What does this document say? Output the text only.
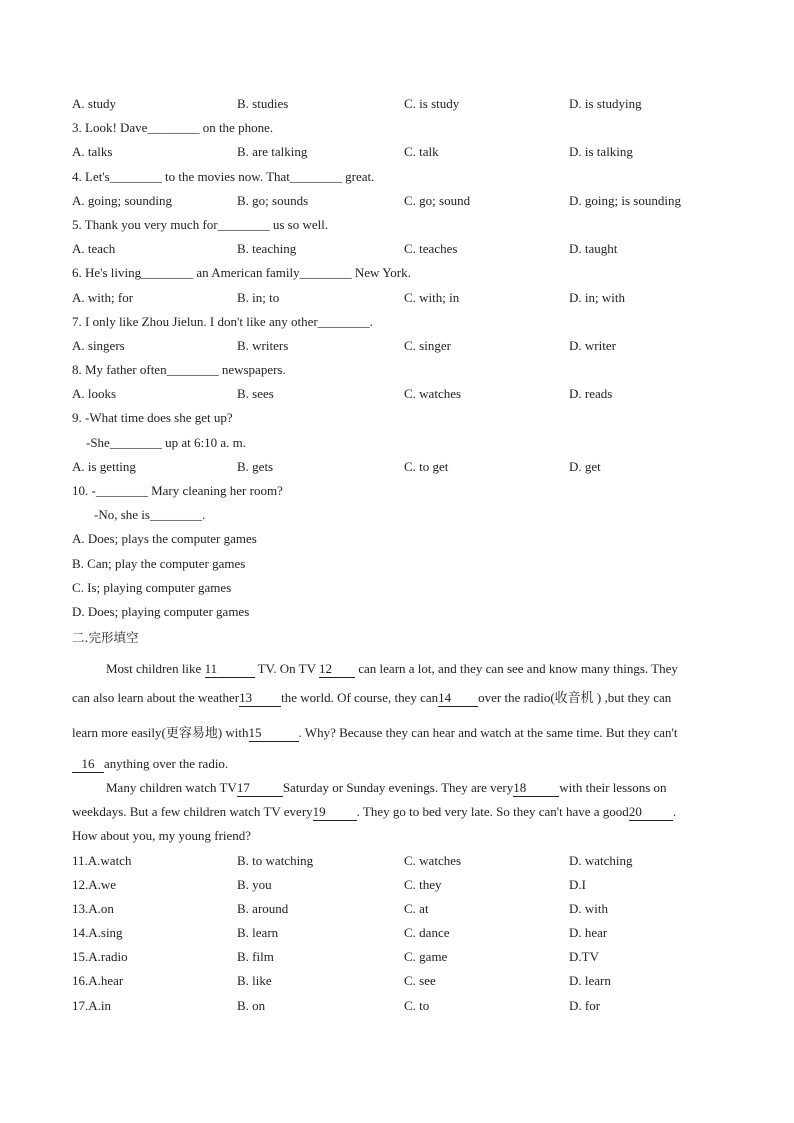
A. study	B. studies	C. is study	D. is studying
3. Look! Dave________ on the phone.
A. talks	B. are talking	C. talk	D. is talking
4. Let's________ to the movies now. That________ great.
A. going; sounding	B. go; sounds	C. go; sound	D. going; is sounding
5. Thank you very much for________ us so well.
A. teach	B. teaching	C. teaches	D. taught
6. He's living________ an American family________ New York.
A. with; for	B. in; to	C. with; in	D. in; with
7. I only like Zhou Jielun. I don't like any other________.
A. singers	B. writers	C. singer	D. writer
8. My father often________ newspapers.
A. looks	B. sees	C. watches	D. reads
9. -What time does she get up?
-She________ up at 6:10 a. m.
A. is getting	B. gets	C. to get	D. get
10. -________ Mary cleaning her room?
-No, she is________.
A. Does; plays the computer games
B. Can; play the computer games
C. Is; playing computer games
D. Does; playing computer games
二.完形填空
Most children like 11	TV. On TV 12 can learn a lot, and they can see and know many things. They
can also learn about the weather13 the world. Of course, they can14 over the radio(收音机 ) ,but they can
learn more easily(更容易地) with15	. Why? Because they can hear and watch at the same time. But they can't
16 anything over the radio.
Many children watch TV17	Saturday or Sunday evenings. They are very18	with their lessons on
weekdays. But a few children watch TV every19 . They go to bed very late. So they can't have a good20 .
How about you, my young friend?
11.A.watch	B. to watching	C. watches	D. watching
12.A.we	B. you	C. they	D.I
13.A.on	B. around	C. at	D. with
14.A.sing	B. learn	C. dance	D. hear
15.A.radio	B. film	C. game	D.TV
16.A.hear	B. like	C. see	D. learn
17.A.in	B. on	C. to	D. for
